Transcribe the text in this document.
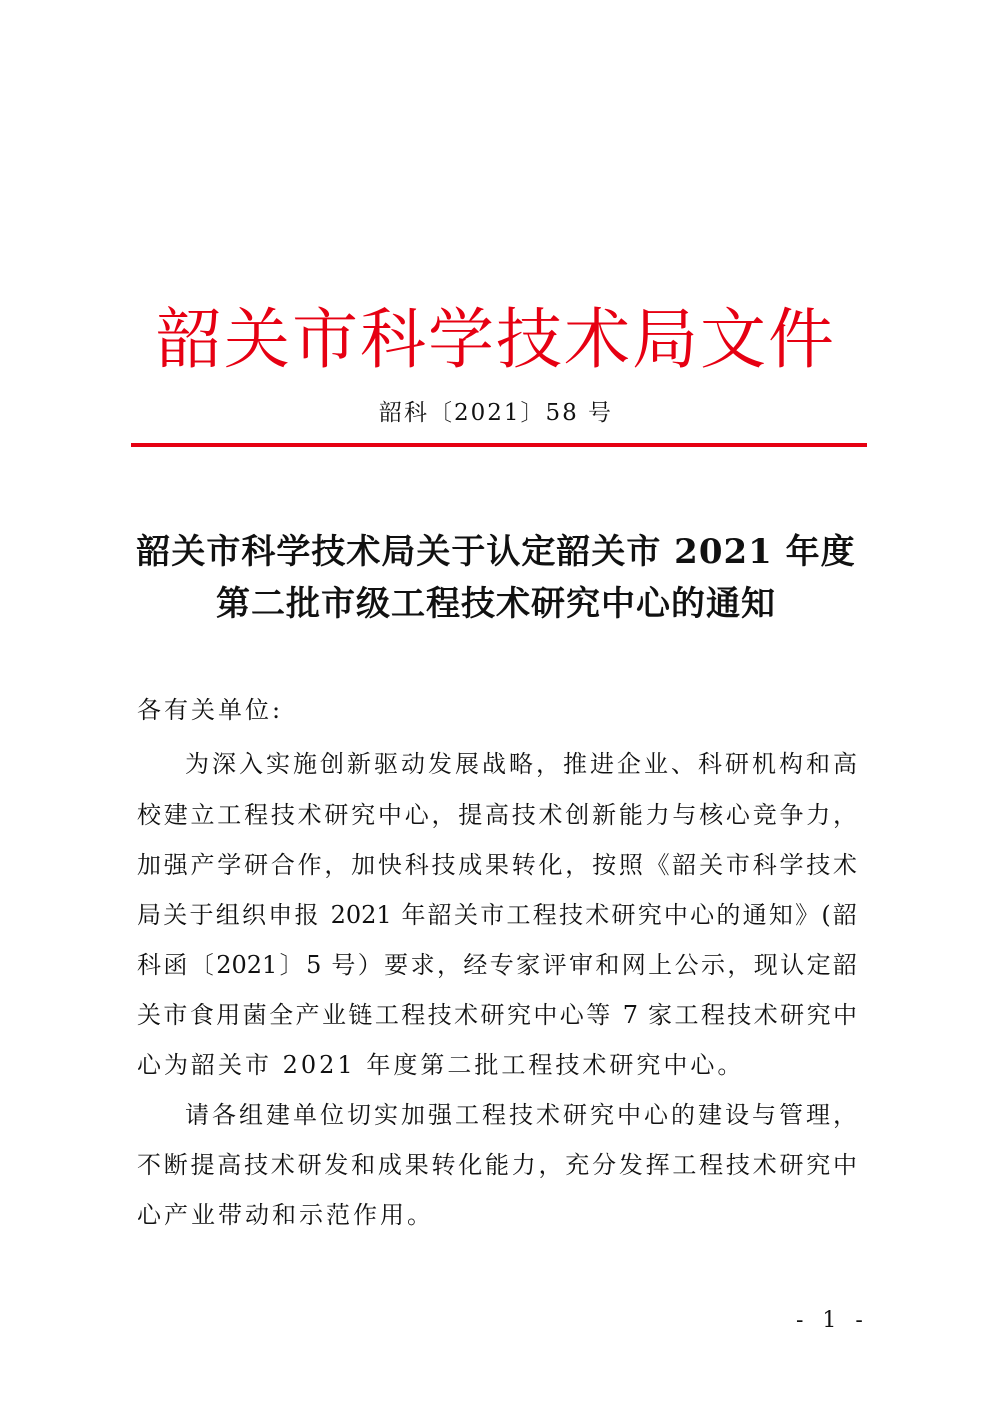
韶关市科学技术局文件
韶科〔2021〕58 号
韶关市科学技术局关于认定韶关市 2021 年度
第二批市级工程技术研究中心的通知
各有关单位:
为深入实施创新驱动发展战略，推进企业、科研机构和高
校建立工程技术研究中心，提高技术创新能力与核心竞争力，
加强产学研合作，加快科技成果转化，按照《韶关市科学技术
局关于组织申报 2021 年韶关市工程技术研究中心的通知》(韶
科函〔2021〕5 号）要求，经专家评审和网上公示，现认定韶
关市食用菌全产业链工程技术研究中心等 7 家工程技术研究中
心为韶关市 2021 年度第二批工程技术研究中心。
请各组建单位切实加强工程技术研究中心的建设与管理，
不断提高技术研发和成果转化能力，充分发挥工程技术研究中
心产业带动和示范作用。
- 1 -
